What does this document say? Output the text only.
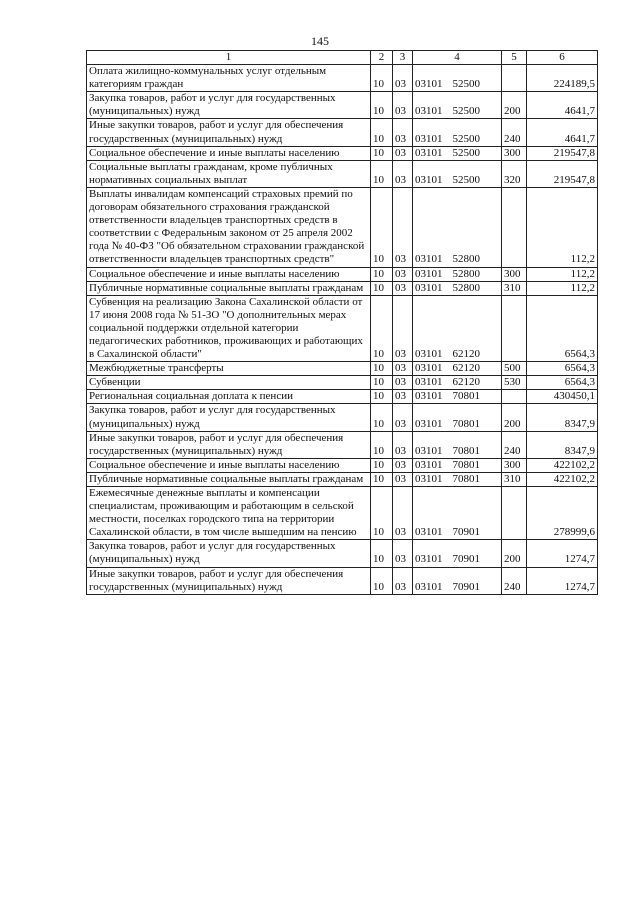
145
1	2	3	4	5	6
Оплата жилищно-коммунальных услуг отдельным категориям граждан	10	03	03101 52500		224189,5
Закупка товаров, работ и услуг для государственных (муниципальных) нужд	10	03	03101 52500	200	4641,7
Иные закупки товаров, работ и услуг для обеспечения государственных (муниципальных) нужд	10	03	03101 52500	240	4641,7
Социальное обеспечение и иные выплаты населению	10	03	03101 52500	300	219547,8
Социальные выплаты гражданам, кроме публичных нормативных социальных выплат	10	03	03101 52500	320	219547,8
Выплаты инвалидам компенсаций страховых премий по договорам обязательного страхования гражданской ответственности владельцев транспортных средств в соответствии с Федеральным законом от 25 апреля 2002 года № 40-ФЗ "Об обязательном страховании гражданской ответственности владельцев транспортных средств"	10	03	03101 52800		112,2
Социальное обеспечение и иные выплаты населению	10	03	03101 52800	300	112,2
Публичные нормативные социальные выплаты гражданам	10	03	03101 52800	310	112,2
Субвенция на реализацию Закона Сахалинской области от 17 июня 2008 года № 51-ЗО "О дополнительных мерах социальной поддержки отдельной категории педагогических работников, проживающих и работающих в Сахалинской области"	10	03	03101 62120		6564,3
Межбюджетные трансферты	10	03	03101 62120	500	6564,3
Субвенции	10	03	03101 62120	530	6564,3
Региональная социальная доплата к пенсии	10	03	03101 70801		430450,1
Закупка товаров, работ и услуг для государственных (муниципальных) нужд	10	03	03101 70801	200	8347,9
Иные закупки товаров, работ и услуг для обеспечения государственных (муниципальных) нужд	10	03	03101 70801	240	8347,9
Социальное обеспечение и иные выплаты населению	10	03	03101 70801	300	422102,2
Публичные нормативные социальные выплаты гражданам	10	03	03101 70801	310	422102,2
Ежемесячные денежные выплаты и компенсации специалистам, проживающим и работающим в сельской местности, поселках городского типа на территории Сахалинской области, в том числе вышедшим на пенсию	10	03	03101 70901		278999,6
Закупка товаров, работ и услуг для государственных (муниципальных) нужд	10	03	03101 70901	200	1274,7
Иные закупки товаров, работ и услуг для обеспечения государственных (муниципальных) нужд	10	03	03101 70901	240	1274,7
